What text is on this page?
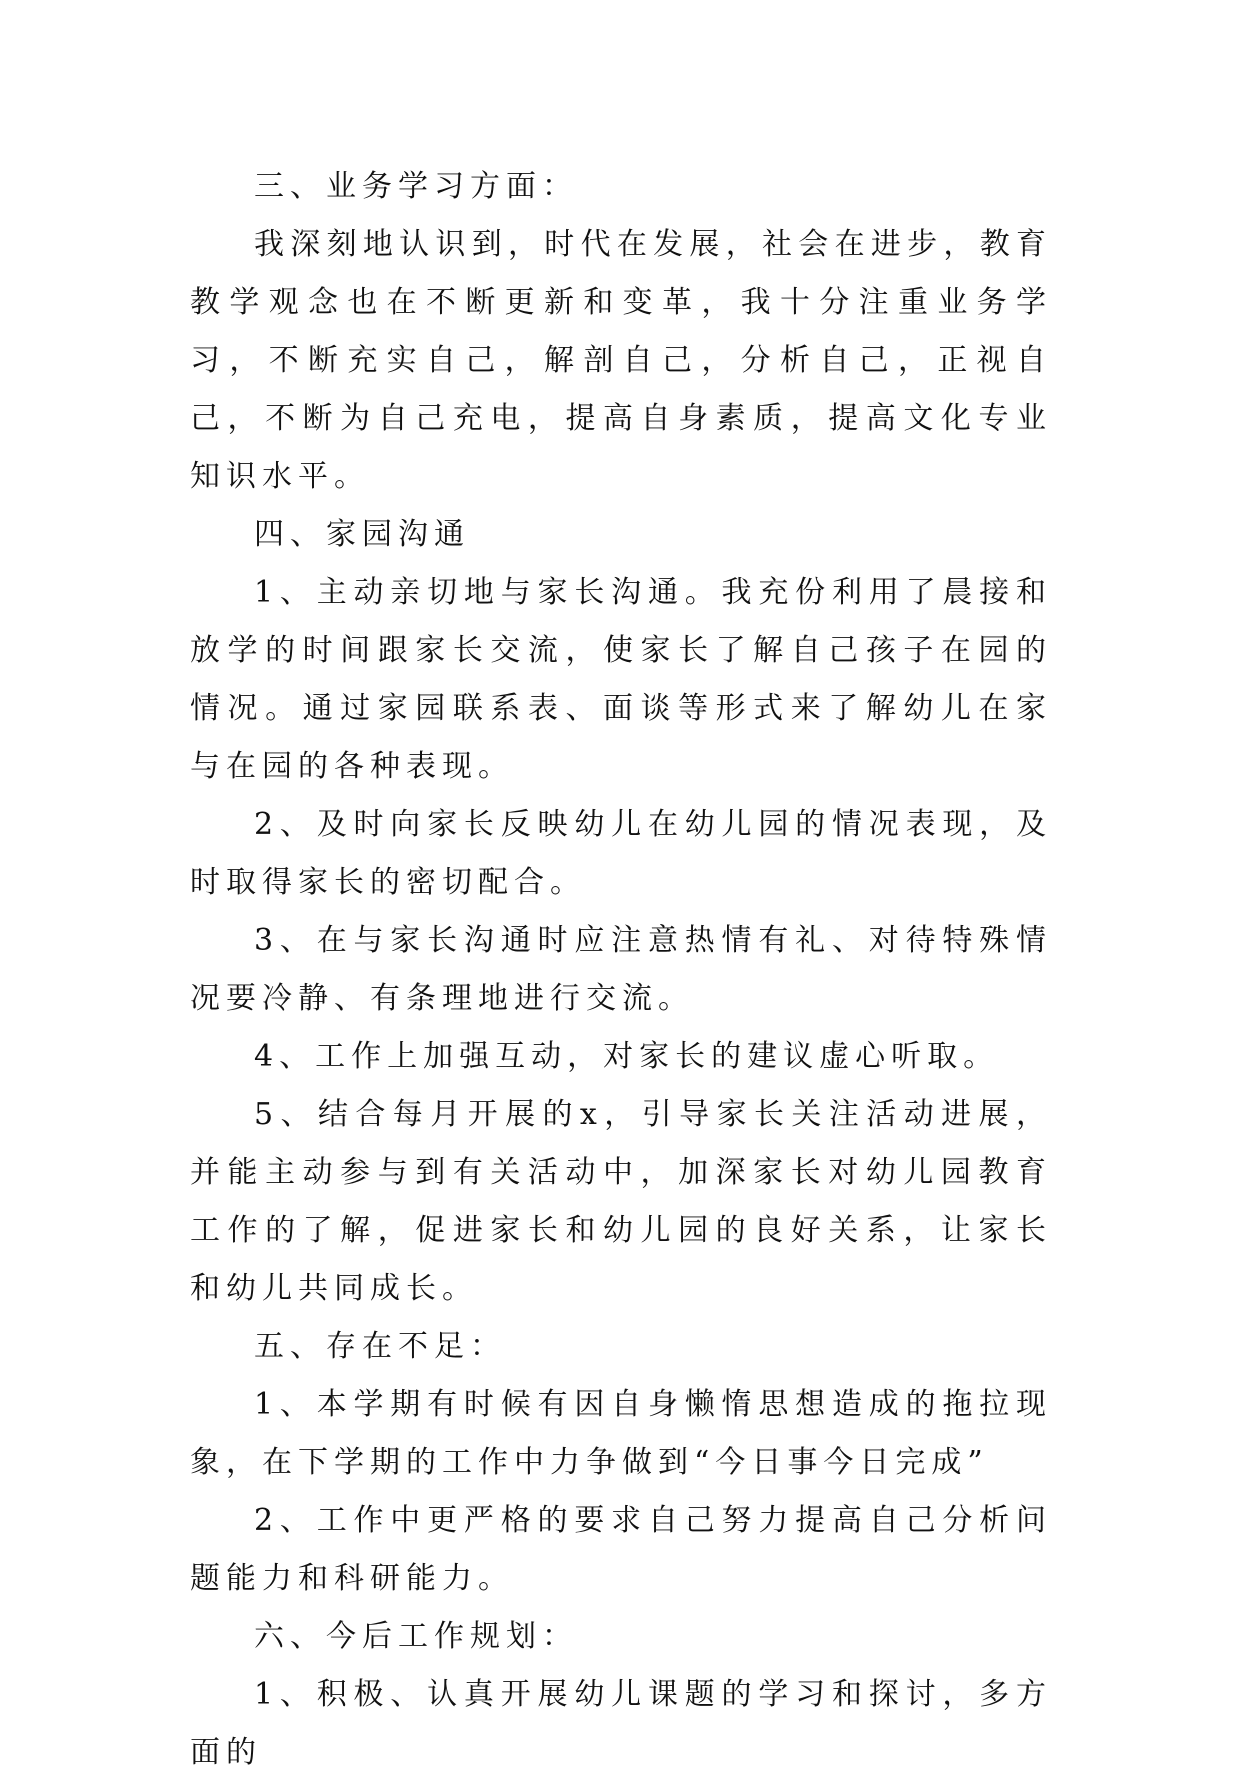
三、业务学习方面：

我深刻地认识到，时代在发展，社会在进步，教育教学观念也在不断更新和变革，我十分注重业务学习，不断充实自己，解剖自己，分析自己，正视自己，不断为自己充电，提高自身素质，提高文化专业知识水平。

四、家园沟通

1、主动亲切地与家长沟通。我充份利用了晨接和放学的时间跟家长交流，使家长了解自己孩子在园的情况。通过家园联系表、面谈等形式来了解幼儿在家与在园的各种表现。

2、及时向家长反映幼儿在幼儿园的情况表现，及时取得家长的密切配合。

3、在与家长沟通时应注意热情有礼、对待特殊情况要冷静、有条理地进行交流。

4、工作上加强互动，对家长的建议虚心听取。

5、结合每月开展的x，引导家长关注活动进展，并能主动参与到有关活动中，加深家长对幼儿园教育工作的了解，促进家长和幼儿园的良好关系，让家长和幼儿共同成长。

五、存在不足：

1、本学期有时候有因自身懒惰思想造成的拖拉现象，在下学期的工作中力争做到“今日事今日完成”

2、工作中更严格的要求自己努力提高自己分析问题能力和科研能力。

六、今后工作规划：

1、积极、认真开展幼儿课题的学习和探讨，多方面的
